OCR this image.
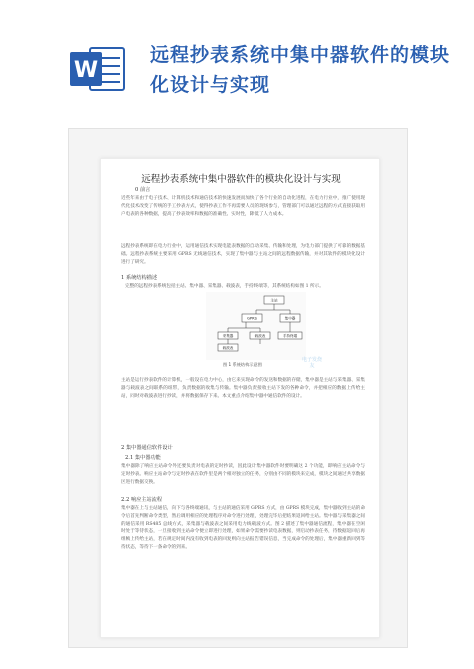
W
远程抄表系统中集中器软件的模块化设计与实现
远程抄表系统中集中器软件的模块化设计与实现
0 前言
近些年来由于电子技术、计算机技术和通信技术的快速发展而加快了各个行业的自动化进程，在电力行业中，推广使用现代化技术改变了传统的手工抄表方式，使得抄表工作不再需要人员的现场参与，管理部门可以通过远程的方式直接获取用户电表的各种数据，提高了抄表效率和数据的准确性、实时性，降低了人力成本。
远程抄表系统即在电力行业中，运用通信技术实现电能表数据的自动采集、传输和处理，为电力部门提供了可靠的数据基础。远程抄表系统主要采用 GPRS 无线通信技术，实现了集中器与主站之间的远程数据传输，并对其软件的模块化设计进行了研究。
1 系统结构描述
完整的远程抄表系统包括主站、集中器、采集器、载波表，手持终端等，其系统结构如图 1 所示。
主站
GPRS	集中器
采集器	载波表	手持终端
载波表
图 1 系统结构示意图
电子发烧友
主站是运行抄表软件的计算机，一般设在电力中心，由它来实现命令的发送和数据的存储，集中器是主站与采集器、采集器与载波表之间联系的纽带，负责数据的收集与传输。集中器负责接收主站下发的各种命令，并把相应的数据上传给主站，同时对载波表进行抄读，并将数据保存下来。本文重点介绍集中器中通信软件的设计。
2 集中器通信软件设计
2.1 集中器功能
集中器除了响应主站命令外还要负责对电表的定时抄读，因此设计集中器软件时要明确这 2 个功能，即响应主站命令与定时抄表。响应主站命令与定时抄表在软件里是两个相对独立的任务，分别由不同的模块来完成，模块之间通过共享数据区进行数据交换。
2.2 响应主站流程
集中器在上与主站通信，向下与各终端通讯，与主站的通信采用 GPRS 方式，由 GPRS 模块完成，集中器收到主站的命令后首先判断命令类型，然后调用相应的处理程序对命令进行处理，处理完毕后把结果返回给主站。集中器与采集器之间的通信采用 RS485 总线方式，采集器与载波表之间采用电力线载波方式。图 2 描述了集中器通信流程，集中器在空闲时处于等待状态，一旦接收到主站命令便立即进行处理，如果命令需要抄读电表数据，则启动抄表任务，待数据返回后再组帧上传给主站，若在规定时间内没有收到电表的回复则向主站报告错误信息，当完成命令的处理后，集中器重新回到等待状态，等待下一条命令的到来。
